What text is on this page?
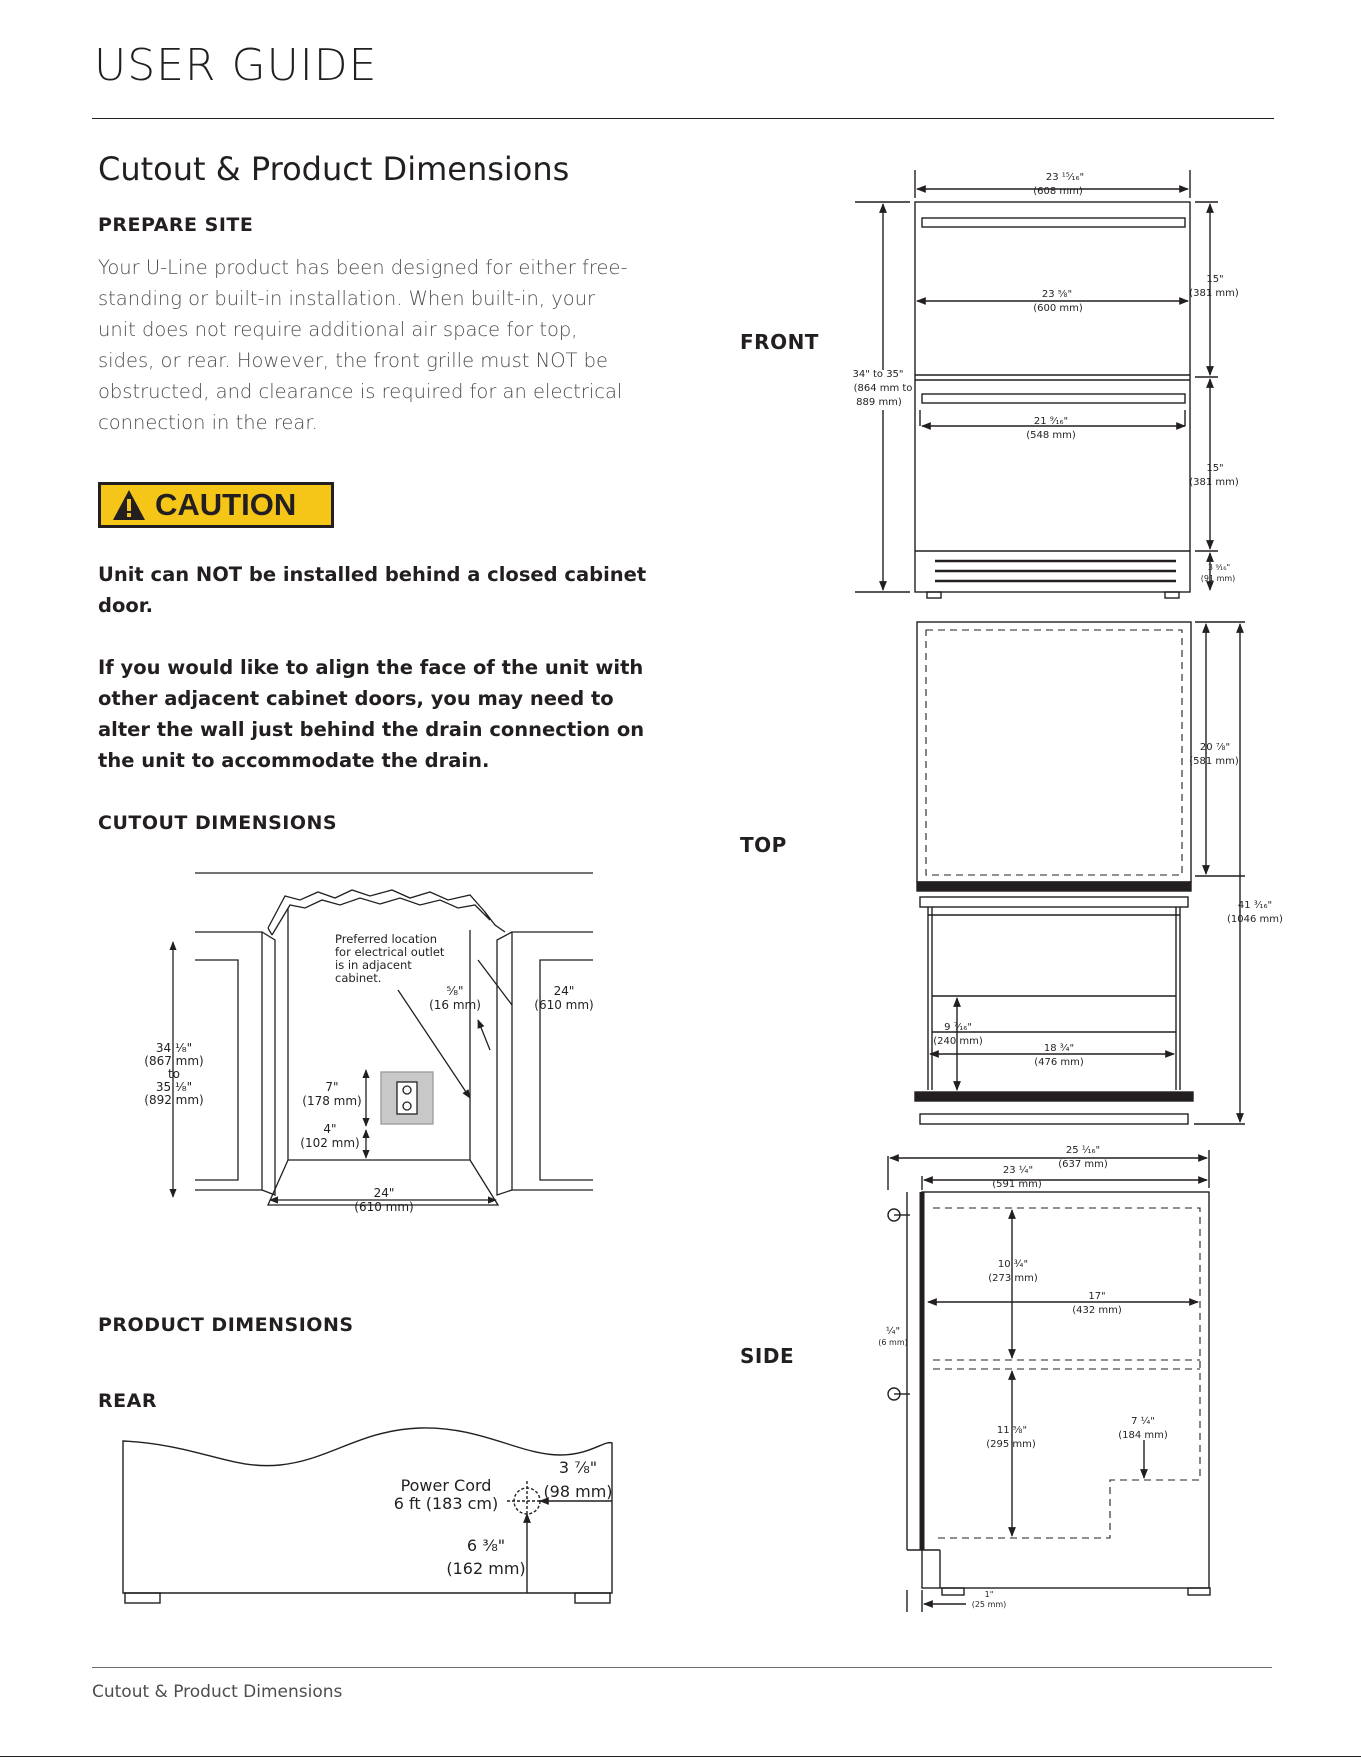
USER GUIDE
Cutout & Product Dimensions
PREPARE SITE
Your U-Line product has been designed for either free-standing or built-in installation. When built-in, your unit does not require additional air space for top, sides, or rear. However, the front grille must NOT be obstructed, and clearance is required for an electrical connection in the rear.
CAUTION
Unit can NOT be installed behind a closed cabinet door.
If you would like to align the face of the unit with other adjacent cabinet doors, you may need to alter the wall just behind the drain connection on the unit to accommodate the drain.
CUTOUT DIMENSIONS
Preferred location
for electrical outlet
is in adjacent
cabinet.
34 ¹⁄₈"
(867 mm)
to
35 ¹⁄₈"
(892 mm)
⁵⁄₈"
(16 mm)
24"
(610 mm)
7"
(178 mm)
4"
(102 mm)
24"
(610 mm)
Power Cord
6 ft (183 cm)
3 ⅞"
(98 mm)
6 ⅜"
(162 mm)
23 ¹⁵⁄₁₆"
(608 mm)
23 ⅝"
(600 mm)
21 ⁹⁄₁₆"
(548 mm)
34" to 35"
(864 mm to
889 mm)
15"
(381 mm)
15"
(381 mm)
3 ⁹⁄₁₆"
(91 mm)
20 ⅞"
(581 mm)
41 ³⁄₁₆"
(1046 mm)
9 ⁷⁄₁₆"
(240 mm)
18 ³⁄₄"
(476 mm)
25 ¹⁄₁₆"
(637 mm)
23 ¼"
(591 mm)
10 ¾"
(273 mm)
17"
(432 mm)
¼"
(6 mm)
11 ⅝"
(295 mm)
7 ¼"
(184 mm)
1"
(25 mm)
PRODUCT DIMENSIONS
REAR
FRONT
TOP
SIDE
Cutout & Product Dimensions
